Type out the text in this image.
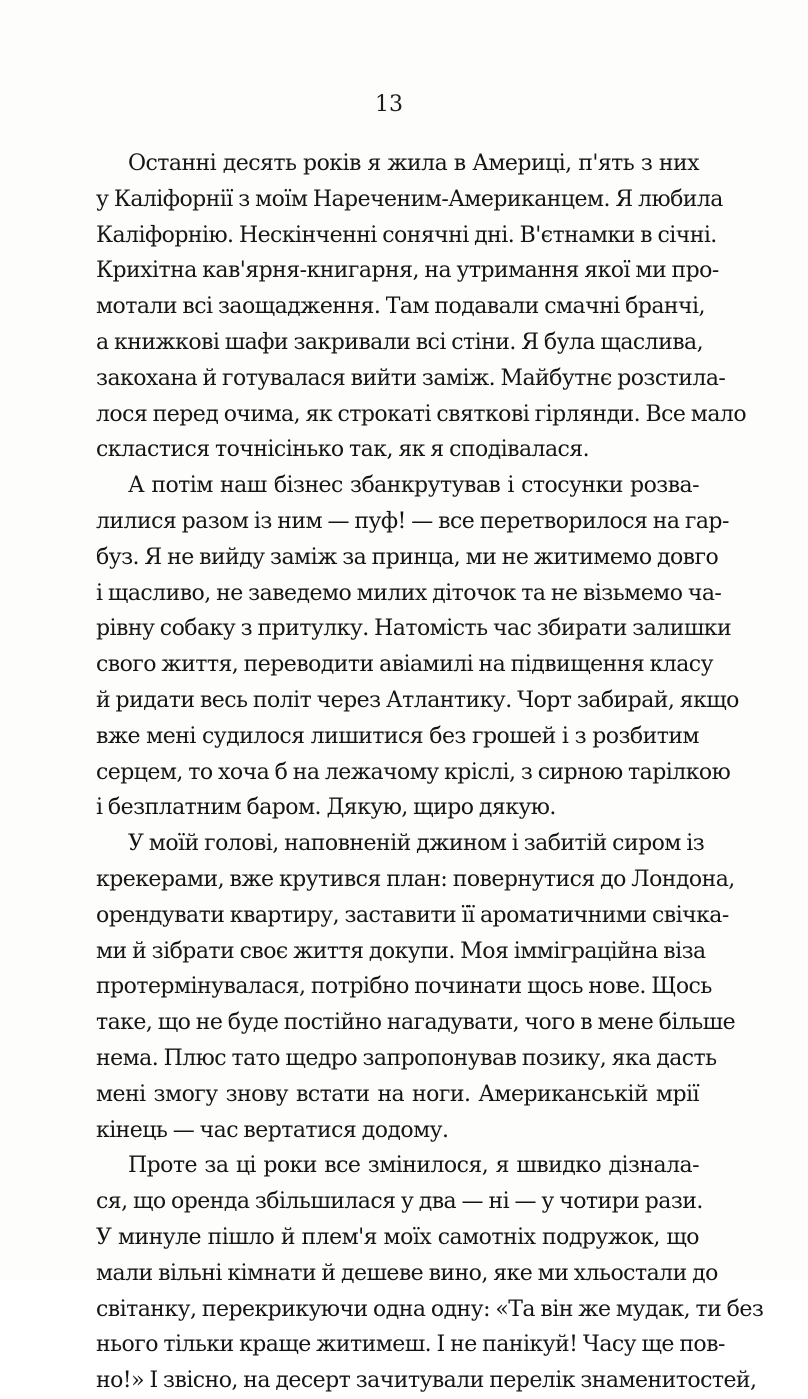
13
Останні десять років я жила в Америці, п'ять з них
у Каліфорнії з моїм Нареченим-Американцем. Я любила
Каліфорнію. Нескінченні сонячні дні. В'єтнамки в січні.
Крихітна кав'ярня-книгарня, на утримання якої ми про-
мотали всі заощадження. Там подавали смачні бранчі,
а книжкові шафи закривали всі стіни. Я була щаслива,
закохана й готувалася вийти заміж. Майбутнє розстила-
лося перед очима, як строкаті святкові гірлянди. Все мало
скластися точнісінько так, як я сподівалася.
А потім наш бізнес збанкрутував і стосунки розва-
лилися разом із ним — пуф! — все перетворилося на гар-
буз. Я не вийду заміж за принца, ми не житимемо довго
і щасливо, не заведемо милих діточок та не візьмемо ча-
рівну собаку з притулку. Натомість час збирати залишки
свого життя, переводити авіамилі на підвищення класу
й ридати весь політ через Атлантику. Чорт забирай, якщо
вже мені судилося лишитися без грошей і з розбитим
серцем, то хоча б на лежачому кріслі, з сирною тарілкою
і безплатним баром. Дякую, щиро дякую.
У моїй голові, наповненій джином і забитій сиром із
крекерами, вже крутився план: повернутися до Лондона,
орендувати квартиру, заставити її ароматичними свічка-
ми й зібрати своє життя докупи. Моя імміграційна віза
протермінувалася, потрібно починати щось нове. Щось
таке, що не буде постійно нагадувати, чого в мене більше
нема. Плюс тато щедро запропонував позику, яка дасть
мені змогу знову встати на ноги. Американській мрії
кінець — час вертатися додому.
Проте за ці роки все змінилося, я швидко дізнала-
ся, що оренда збільшилася у два — ні — у чотири рази.
У минуле пішло й плем'я моїх самотніх подружок, що
мали вільні кімнати й дешеве вино, яке ми хльостали до
світанку, перекрикуючи одна одну: «Та він же мудак, ти без
нього тільки краще житимеш. І не панікуй! Часу ще пов-
но!» І звісно, на десерт зачитували перелік знаменитостей,
